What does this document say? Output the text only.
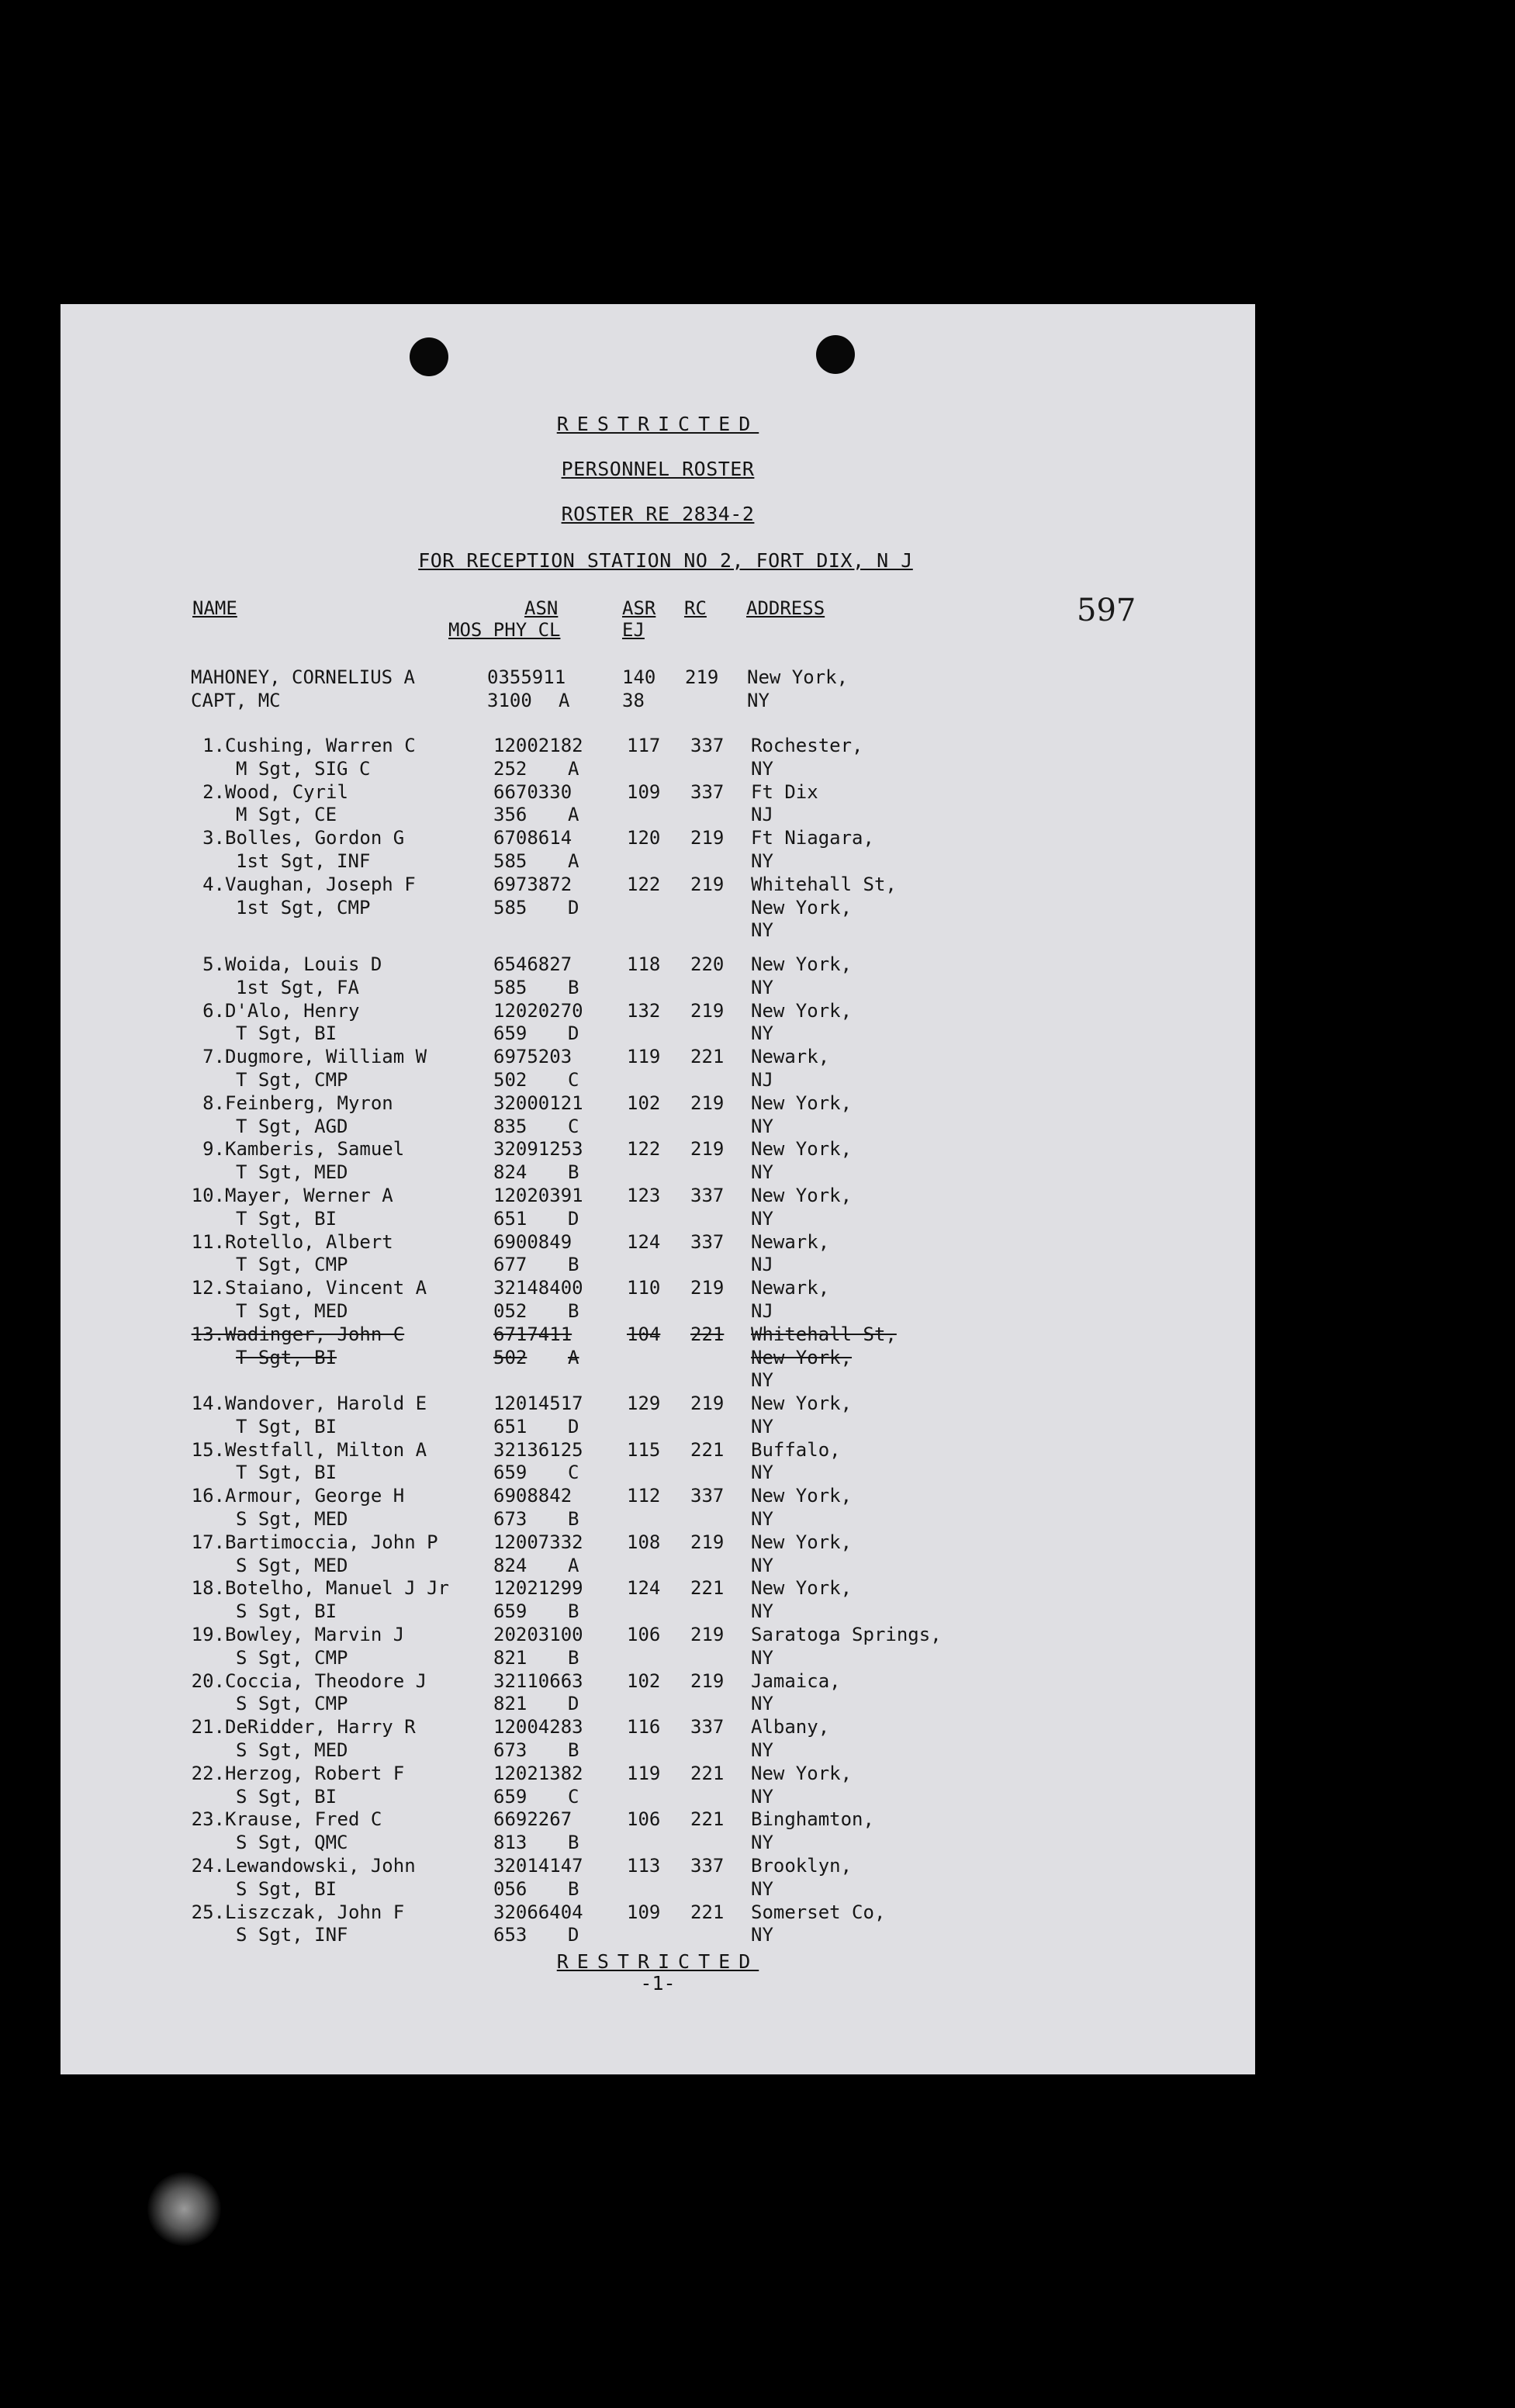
RESTRICTED
PERSONNEL ROSTER
ROSTER RE 2834-2
FOR RECEPTION STATION NO 2, FORT DIX, N J
597
NAME	ASN
MOS PHY CL
ASR
EJ
RC ADDRESS
MAHONEY, CORNELIUS A
CAPT, MC
0355911
3100 A
140
38
219 New York,
NY
1. Cushing, Warren C
M Sgt, SIG C
12002182
252 A
117 337 Rochester,
NY
2. Wood, Cyril
M Sgt, CE
6670330
356 A
109 337 Ft Dix
NJ
3. Bolles, Gordon G
1st Sgt, INF
6708614
585 A
120 219 Ft Niagara,
NY
4. Vaughan, Joseph F
1st Sgt, CMP
6973872
585 D
122 219 Whitehall St,
New York,
NY
5. Woida, Louis D
1st Sgt, FA
6546827
585 B
118 220 New York,
NY
6. D'Alo, Henry
T Sgt, BI
12020270
659 D
132 219 New York,
NY
7. Dugmore, William W
T Sgt, CMP
6975203
502 C
119 221 Newark,
NJ
8. Feinberg, Myron
T Sgt, AGD
32000121
835 C
102 219 New York,
NY
9. Kamberis, Samuel
T Sgt, MED
32091253
824 B
122 219 New York,
NY
10. Mayer, Werner A
T Sgt, BI
12020391
651 D
123 337 New York,
NY
11. Rotello, Albert
T Sgt, CMP
6900849
677 B
124 337 Newark,
NJ
12. Staiano, Vincent A
T Sgt, MED
32148400
052 B
110 219 Newark,
NJ
13. Wadinger, John C
T Sgt, BI
6717411
502 A
104 221 Whitehall St,
New York,
NY
14. Wandover, Harold E
T Sgt, BI
12014517
651 D
129 219 New York,
NY
15. Westfall, Milton A
T Sgt, BI
32136125
659 C
115 221 Buffalo,
NY
16. Armour, George H
S Sgt, MED
6908842
673 B
112 337 New York,
NY
17. Bartimoccia, John P
S Sgt, MED
12007332
824 A
108 219 New York,
NY
18. Botelho, Manuel J Jr
S Sgt, BI
12021299
659 B
124 221 New York,
NY
19. Bowley, Marvin J
S Sgt, CMP
20203100
821 B
106 219 Saratoga Springs,
NY
20. Coccia, Theodore J
S Sgt, CMP
32110663
821 D
102 219 Jamaica,
NY
21. DeRidder, Harry R
S Sgt, MED
12004283
673 B
116 337 Albany,
NY
22. Herzog, Robert F
S Sgt, BI
12021382
659 C
119 221 New York,
NY
23. Krause, Fred C
S Sgt, QMC
6692267
813 B
106 221 Binghamton,
NY
24. Lewandowski, John
S Sgt, BI
32014147
056 B
113 337 Brooklyn,
NY
25. Liszczak, John F
S Sgt, INF
32066404
653 D
109 221 Somerset Co,
NY
RESTRICTED
-1-
